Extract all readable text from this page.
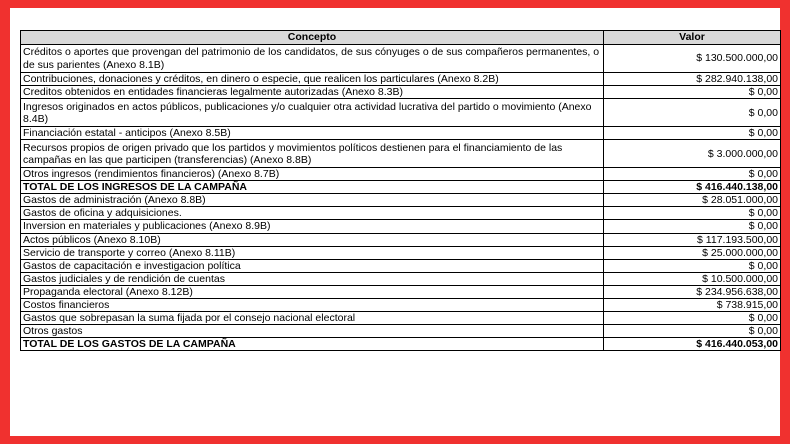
Concepto	Valor
Créditos o aportes que provengan del patrimonio de los candidatos, de sus cónyuges o de sus compañeros permanentes, o de sus parientes (Anexo 8.1B)	$ 130.500.000,00
Contribuciones, donaciones y créditos, en dinero o especie, que realicen los particulares (Anexo 8.2B)	$ 282.940.138,00
Creditos obtenidos en entidades financieras legalmente autorizadas (Anexo 8.3B)	$ 0,00
Ingresos originados en actos públicos, publicaciones y/o cualquier otra actividad lucrativa del partido o movimiento (Anexo 8.4B)	$ 0,00
Financiación estatal - anticipos (Anexo 8.5B)	$ 0,00
Recursos propios de origen privado que los partidos y movimientos políticos destienen para el financiamiento de las campañas en las que participen (transferencias) (Anexo 8.8B)	$ 3.000.000,00
Otros ingresos (rendimientos financieros) (Anexo 8.7B)	$ 0,00
TOTAL DE LOS INGRESOS DE LA CAMPAÑA	$ 416.440.138,00
Gastos de administración (Anexo 8.8B)	$ 28.051.000,00
Gastos de oficina y adquisiciones.	$ 0,00
Inversion en materiales y publicaciones (Anexo 8.9B)	$ 0,00
Actos públicos (Anexo 8.10B)	$ 117.193.500,00
Servicio de transporte y correo (Anexo 8.11B)	$ 25.000.000,00
Gastos de capacitación e investigacion política	$ 0,00
Gastos judiciales y de rendición de cuentas	$ 10.500.000,00
Propaganda electoral (Anexo 8.12B)	$ 234.956.638,00
Costos financieros	$ 738.915,00
Gastos que sobrepasan la suma fijada por el consejo nacional electoral	$ 0,00
Otros gastos	$ 0,00
TOTAL DE LOS GASTOS DE LA CAMPAÑA	$ 416.440.053,00
